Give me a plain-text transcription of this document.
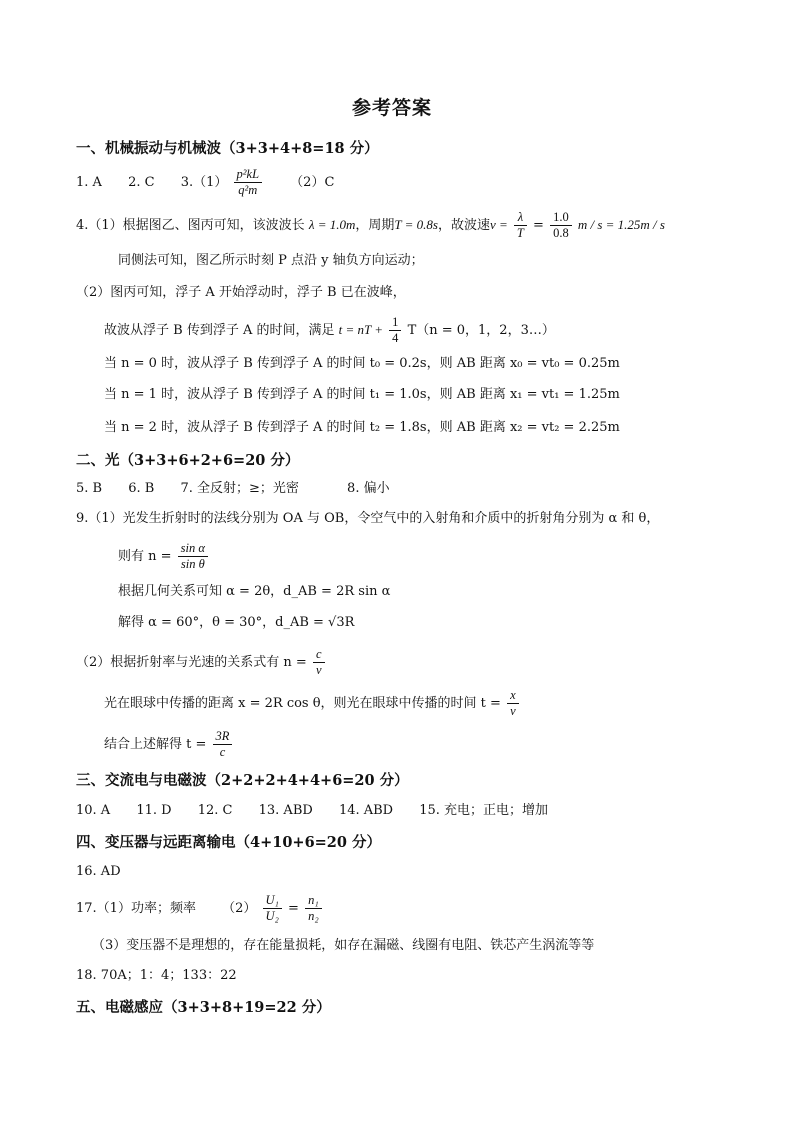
参考答案
一、机械振动与机械波（3+3+4+8=18 分）
1. A 2. C $3.(1) \frac{\text{p²kL}}{\text{q²m}} (2)C$
4.（1）根据图乙、图丙可知，该波波长 λ = 1.0m，周期T = 0.8s，故波速$v = \frac{\lambda}{T} = \frac{1.0}{0.8}$ m / s = 1.25m / s
同侧法可知，图乙所示时刻 P 点沿 y 轴负方向运动；
（2）图丙可知，浮子 A 开始浮动时，浮子 B 已在波峰，
故波从浮子 B 传到浮子 A 的时间，满足 t = nT + $\frac{1}{4} T(n = 0$，1，2，3…）
当 n = 0 时，波从浮子 B 传到浮子 A 的时间 t₀ = 0.2s，则 AB 距离 x₀ = vt₀ = 0.25m
当 n = 1 时，波从浮子 B 传到浮子 A 的时间 t₁ = 1.0s，则 AB 距离 x₁ = vt₁ = 1.25m
当 n = 2 时，波从浮子 B 传到浮子 A 的时间 t₂ = 1.8s，则 AB 距离 x₂ = vt₂ = 2.25m
二、光（3+3+6+2+6=20 分）
5. B 6. B 7. 全反射；≥；光密	8. 偏小
9.（1）光发生折射时的法线分别为 OA 与 OB，令空气中的入射角和介质中的折射角分别为 α 和 θ，
则有 $n = \frac{\text{sin α}}{\text{sin θ}}$
根据几何关系可知 α = 2θ，d_AB = 2R sin α
解得 α = 60°，θ = 30°，d_AB = √3R
（2）根据折射率与光速的关系式有 $n = \frac{c}{v}$
光在眼球中传播的距离 x = 2R cos θ，则光在眼球中传播的时间 $t = \frac{x}{v}$
结合上述解得 $t = \frac{3R}{c}$
三、交流电与电磁波（2+2+2+4+4+6=20 分）
10. A 11. D 12. C 13. ABD 14. ABD 15. 充电；正电；增加
四、变压器与远距离输电（4+10+6=20 分）
16. AD
17.（1）功率；频率 $(2) \frac{\text{U₁}}{\text{U₂}} = \frac{\text{n₁}}{\text{n₂}}$
（3）变压器不是理想的，存在能量损耗，如存在漏磁、线圈有电阻、铁芯产生涡流等等
18. 70A；1：4；133：22
五、电磁感应（3+3+8+19=22 分）
